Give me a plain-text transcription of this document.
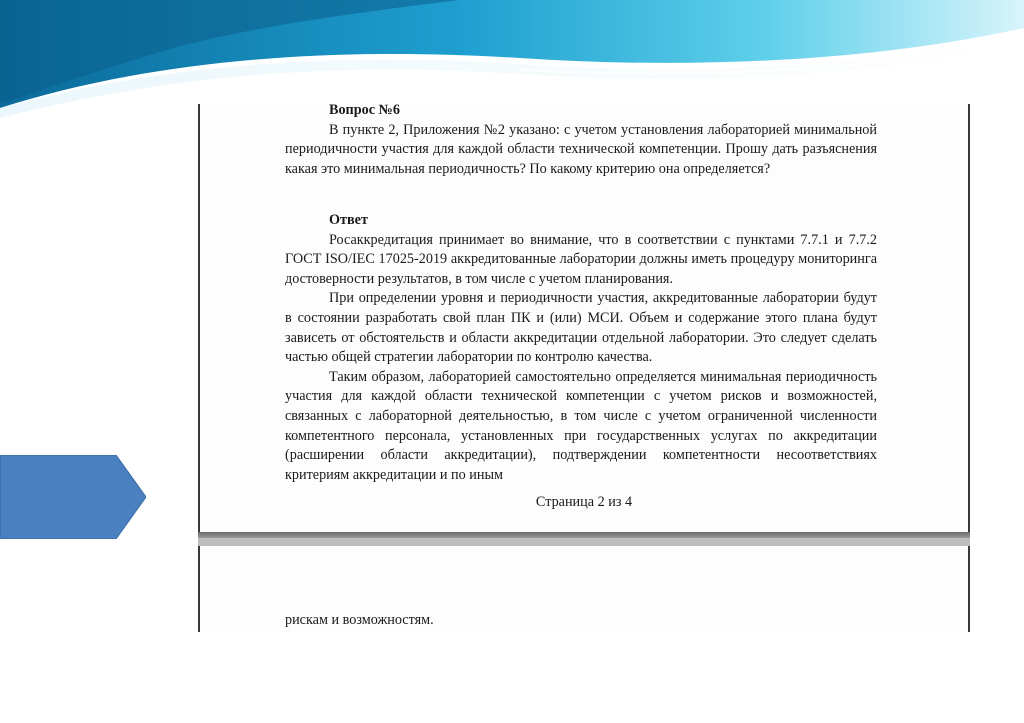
Вопрос №6

В пункте 2, Приложения №2 указано: с учетом установления лабораторией минимальной периодичности участия для каждой области технической компетенции. Прошу дать разъяснения какая это минимальная периодичность? По какому критерию она определяется?

Ответ

Росаккредитация принимает во внимание, что в соответствии с пунктами 7.7.1 и 7.7.2 ГОСТ ISO/IEC 17025-2019 аккредитованные лаборатории должны иметь процедуру мониторинга достоверности результатов, в том числе с учетом планирования.

При определении уровня и периодичности участия, аккредитованные лаборатории будут в состоянии разработать свой план ПК и (или) МСИ. Объем и содержание этого плана будут зависеть от обстоятельств и области аккредитации отдельной лаборатории. Это следует сделать частью общей стратегии лаборатории по контролю качества.

Таким образом, лабораторией самостоятельно определяется минимальная периодичность участия для каждой области технической компетенции с учетом рисков и возможностей, связанных с лабораторной деятельностью, в том числе с учетом ограниченной численности компетентного персонала, установленных при государственных услугах по аккредитации (расширении области аккредитации), подтверждении компетентности несоответствиях критериям аккредитации и по иным

Страница 2 из 4
рискам и возможностям.
